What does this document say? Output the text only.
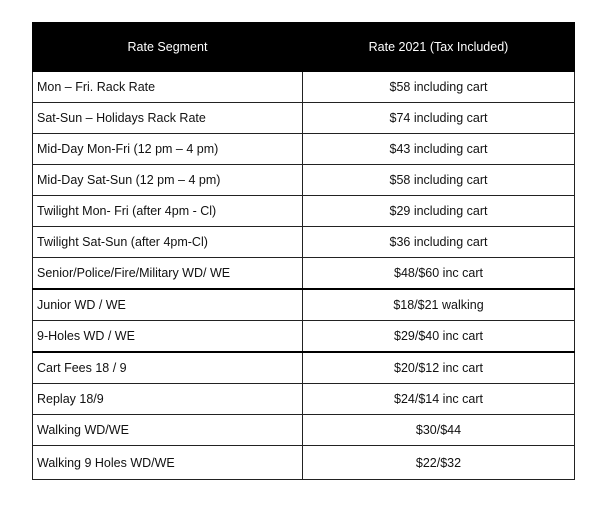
Rate Segment	Rate 2021 (Tax Included)
Mon – Fri. Rack Rate	$58 including cart
Sat-Sun – Holidays Rack Rate	$74 including cart
Mid-Day Mon-Fri (12 pm – 4 pm)	$43 including cart
Mid-Day Sat-Sun (12 pm – 4 pm)	$58 including cart
Twilight Mon- Fri (after 4pm - Cl)	$29 including cart
Twilight Sat-Sun (after 4pm-Cl)	$36 including cart
Senior/Police/Fire/Military WD/ WE	$48/$60 inc cart
Junior WD / WE	$18/$21 walking
9-Holes WD / WE	$29/$40 inc cart
Cart Fees 18 / 9	$20/$12 inc cart
Replay 18/9	$24/$14 inc cart
Walking WD/WE	$30/$44
Walking 9 Holes WD/WE	$22/$32
